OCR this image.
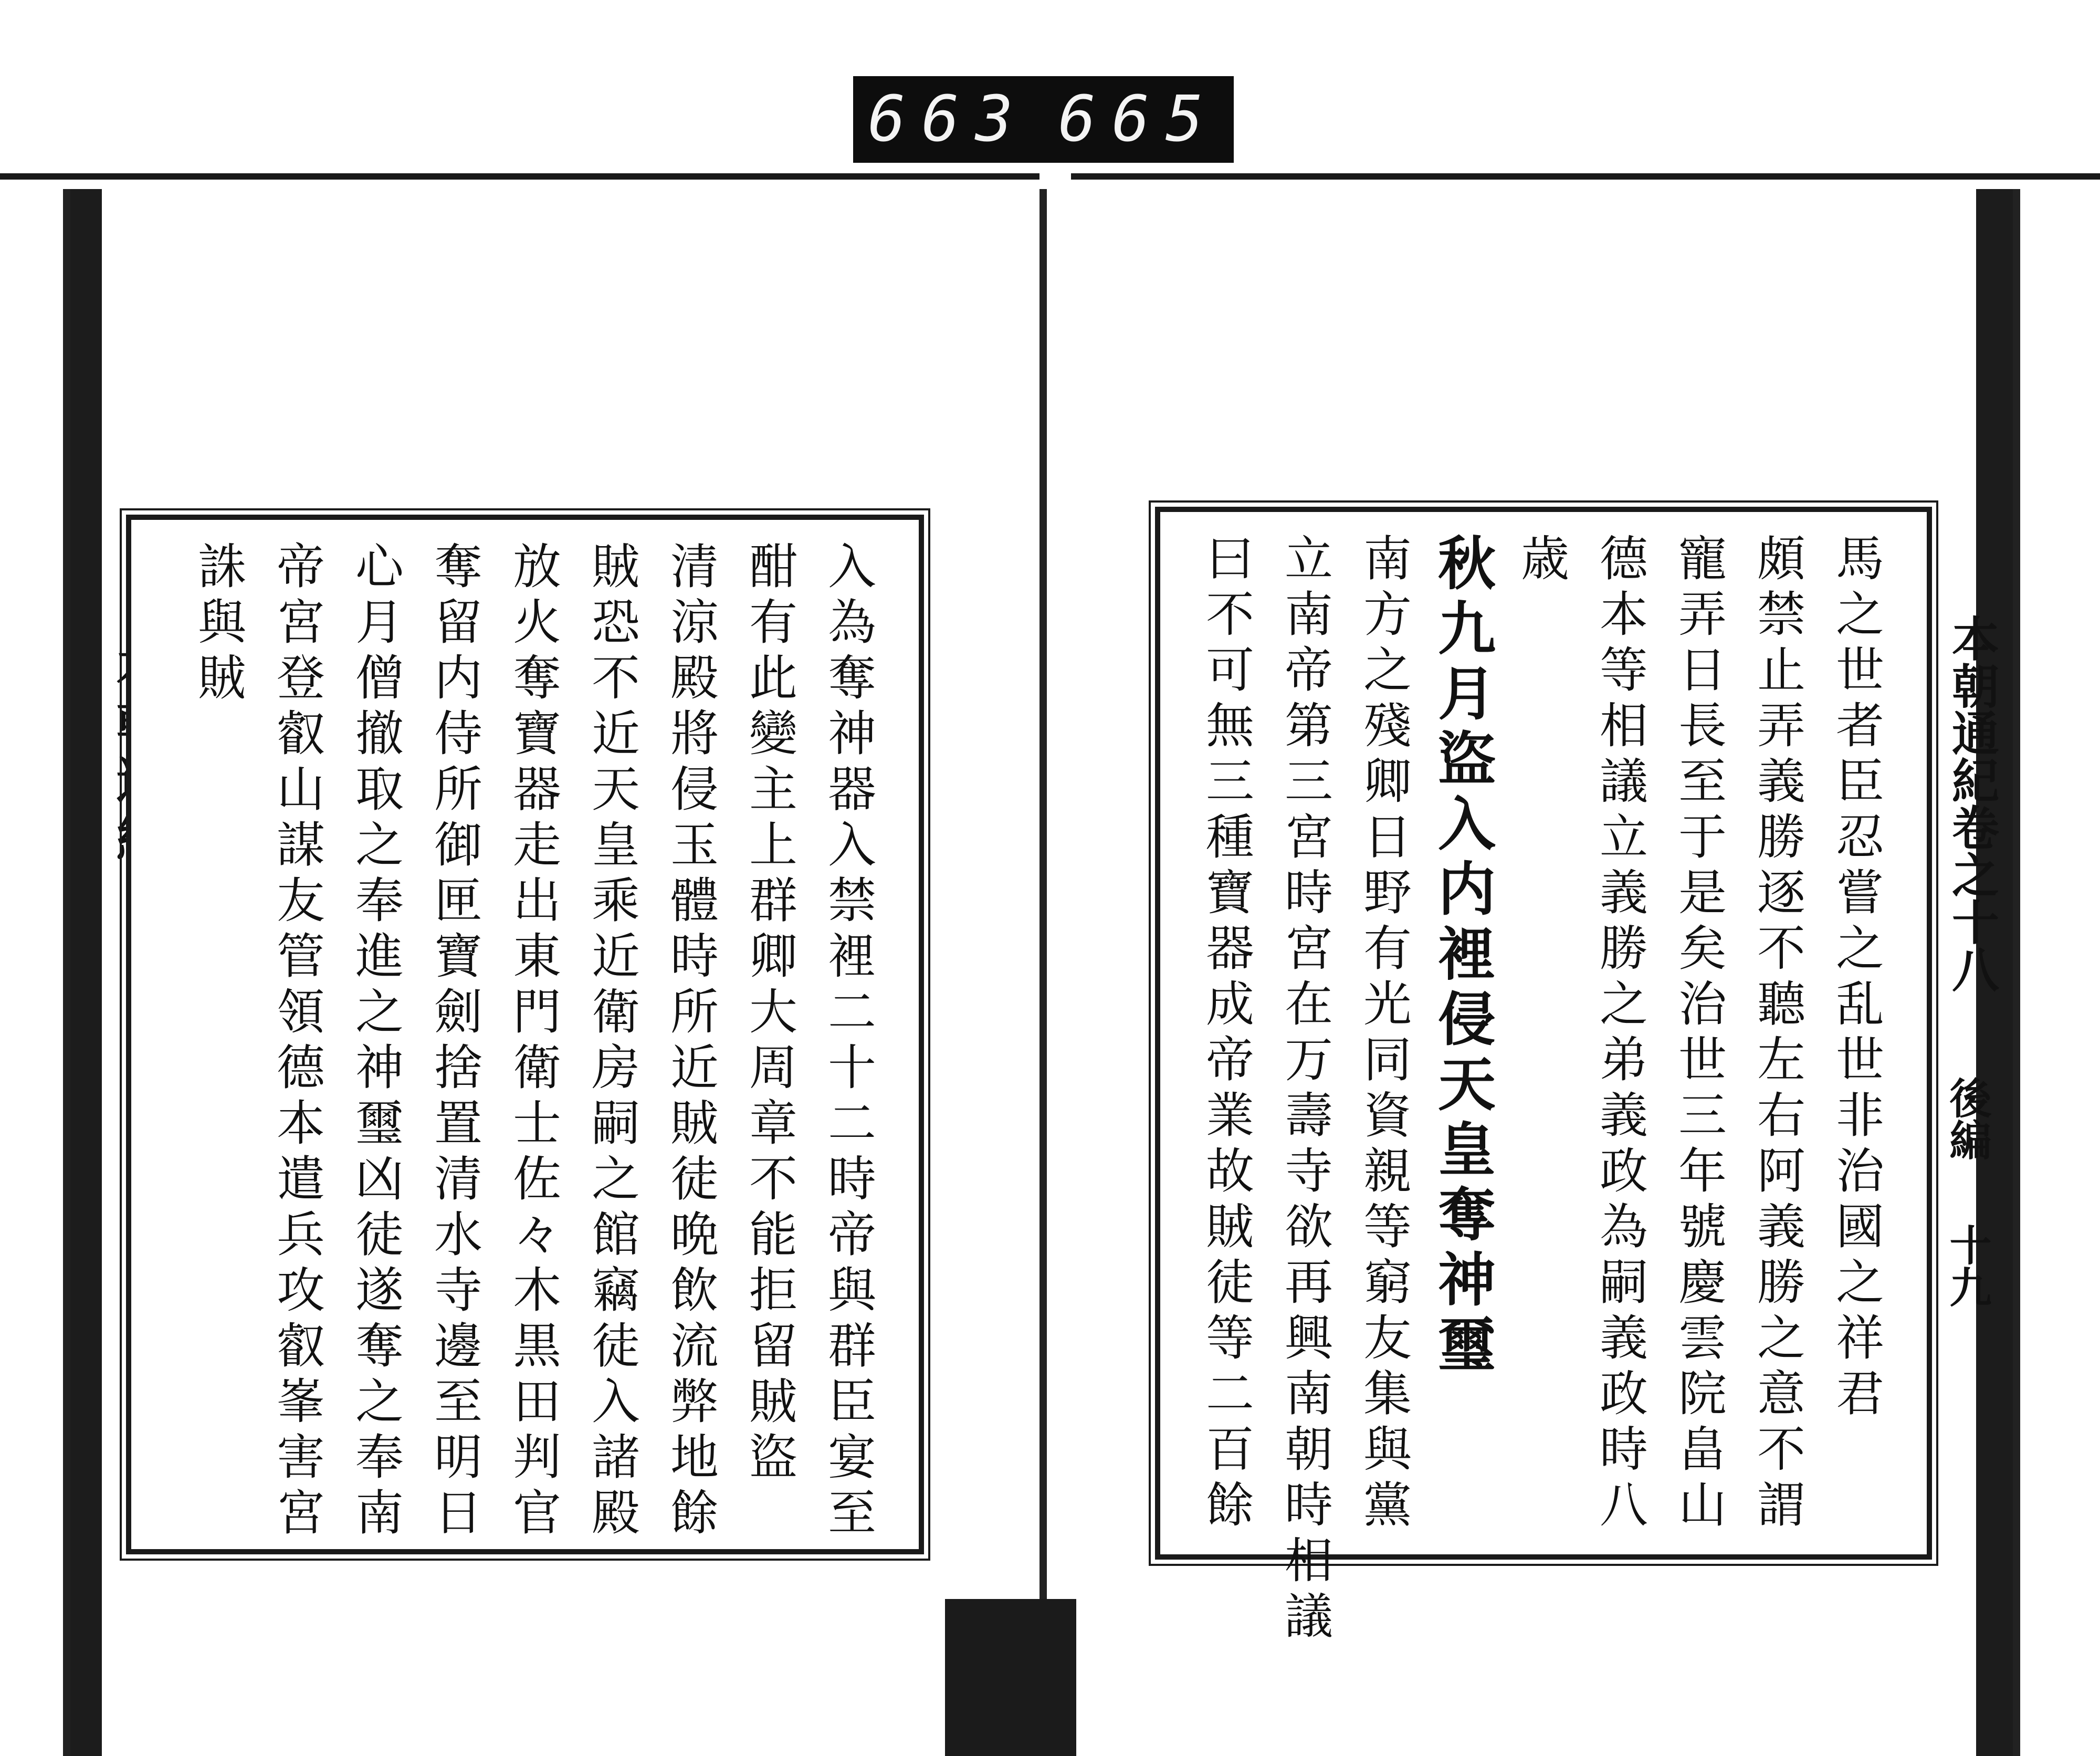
663 665
入為奪神器入禁裡二十二時帝與群臣宴至
酣有此變主上群卿大周章不能拒留賊盜
清涼殿將侵玉體時所近賊徒晩飲流弊地餘
賊恐不近天皇乘近衛房嗣之館竊徒入諸殿
放火奪寶器走出東門衛士佐々木黒田判官
奪留内侍所御匣寶劍捨置清水寺邊至明日
心月僧撤取之奉進之神璽凶徒遂奪之奉南
帝宮登叡山謀友管領德本遣兵攻叡峯害宮
誅與賊	本朝通紀卷之十八
後編
十九
馬之世者臣忍嘗之乱世非治國之祥君
頗禁止弄義勝逐不聽左右阿義勝之意不謂
寵弄日長至于是矣治世三年號慶雲院畠山
德本等相議立義勝之弟義政為嗣義政時八
歳
秋九月盜入内裡侵天皇奪神璽
南方之殘卿日野有光同資親等窮友集與黨
立南帝第三宮時宮在万壽寺欲再興南朝時相議
曰不可無三種寶器成帝業故賊徒等二百餘
